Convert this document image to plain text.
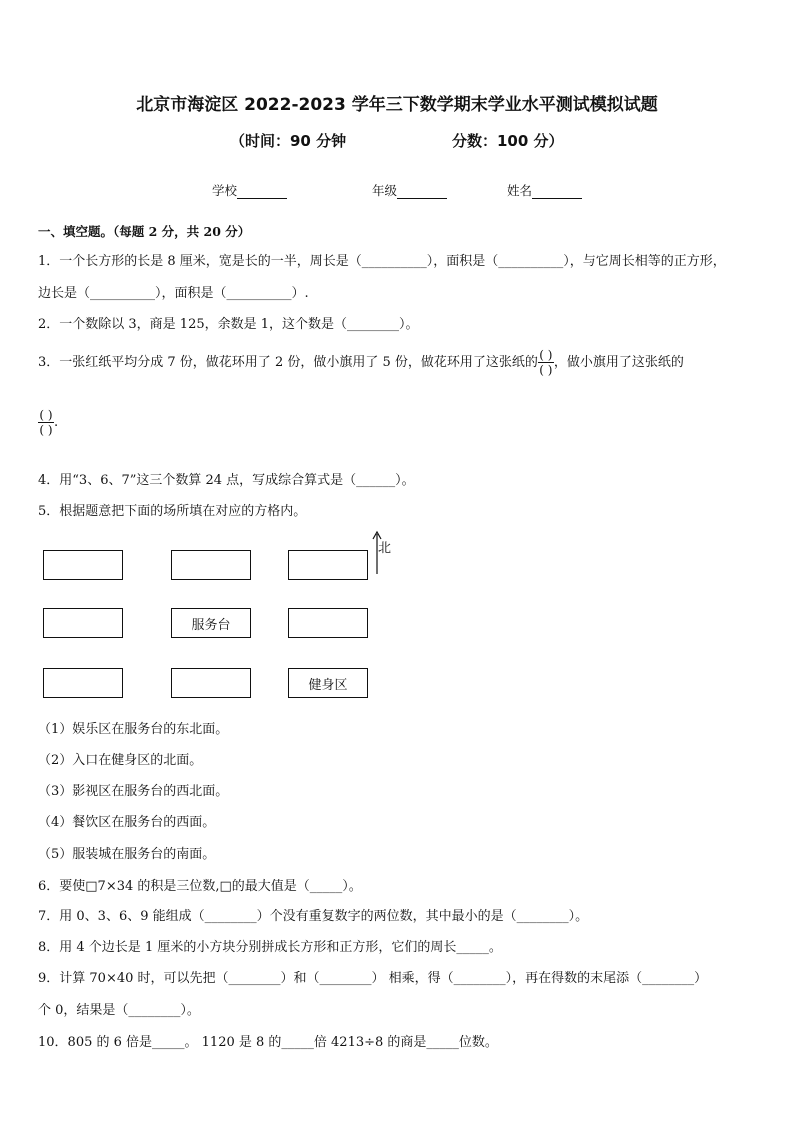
北京市海淀区 2022-2023 学年三下数学期末学业水平测试模拟试题
（时间：90 分钟	分数：100 分）
学校	年级	姓名
一、填空题。（每题 2 分，共 20 分）
1．一个长方形的长是 8 厘米，宽是长的一半，周长是（__________），面积是（__________），与它周长相等的正方形，
边长是（__________），面积是（__________）.
2．一个数除以 3，商是 125，余数是 1，这个数是（________）。
3．一张红纸平均分成 7 份，做花环用了 2 份，做小旗用了 5 份，做花环用了这张纸的 $\frac{( )}{( )}$ ，做小旗用了这张纸的
$\frac{( )}{( )}$ .
4．用“3、6、7”这三个数算 24 点，写成综合算式是（______）。
5．根据题意把下面的场所填在对应的方格内。
服务台
健身区
北
（1）娱乐区在服务台的东北面。
（2）入口在健身区的北面。
（3）影视区在服务台的西北面。
（4）餐饮区在服务台的西面。
（5）服装城在服务台的南面。
6．要使□7×34 的积是三位数,□的最大值是（_____）。
7．用 0、3、6、9 能组成（________）个没有重复数字的两位数，其中最小的是（________）。
8．用 4 个边长是 1 厘米的小方块分别拼成长方形和正方形，它们的周长_____。
9．计算 70×40 时，可以先把（________）和（________） 相乘，得（________），再在得数的末尾添（________）
个 0，结果是（________）。
10．805 的 6 倍是_____。 1120 是 8 的_____倍 4213÷8 的商是_____位数。
